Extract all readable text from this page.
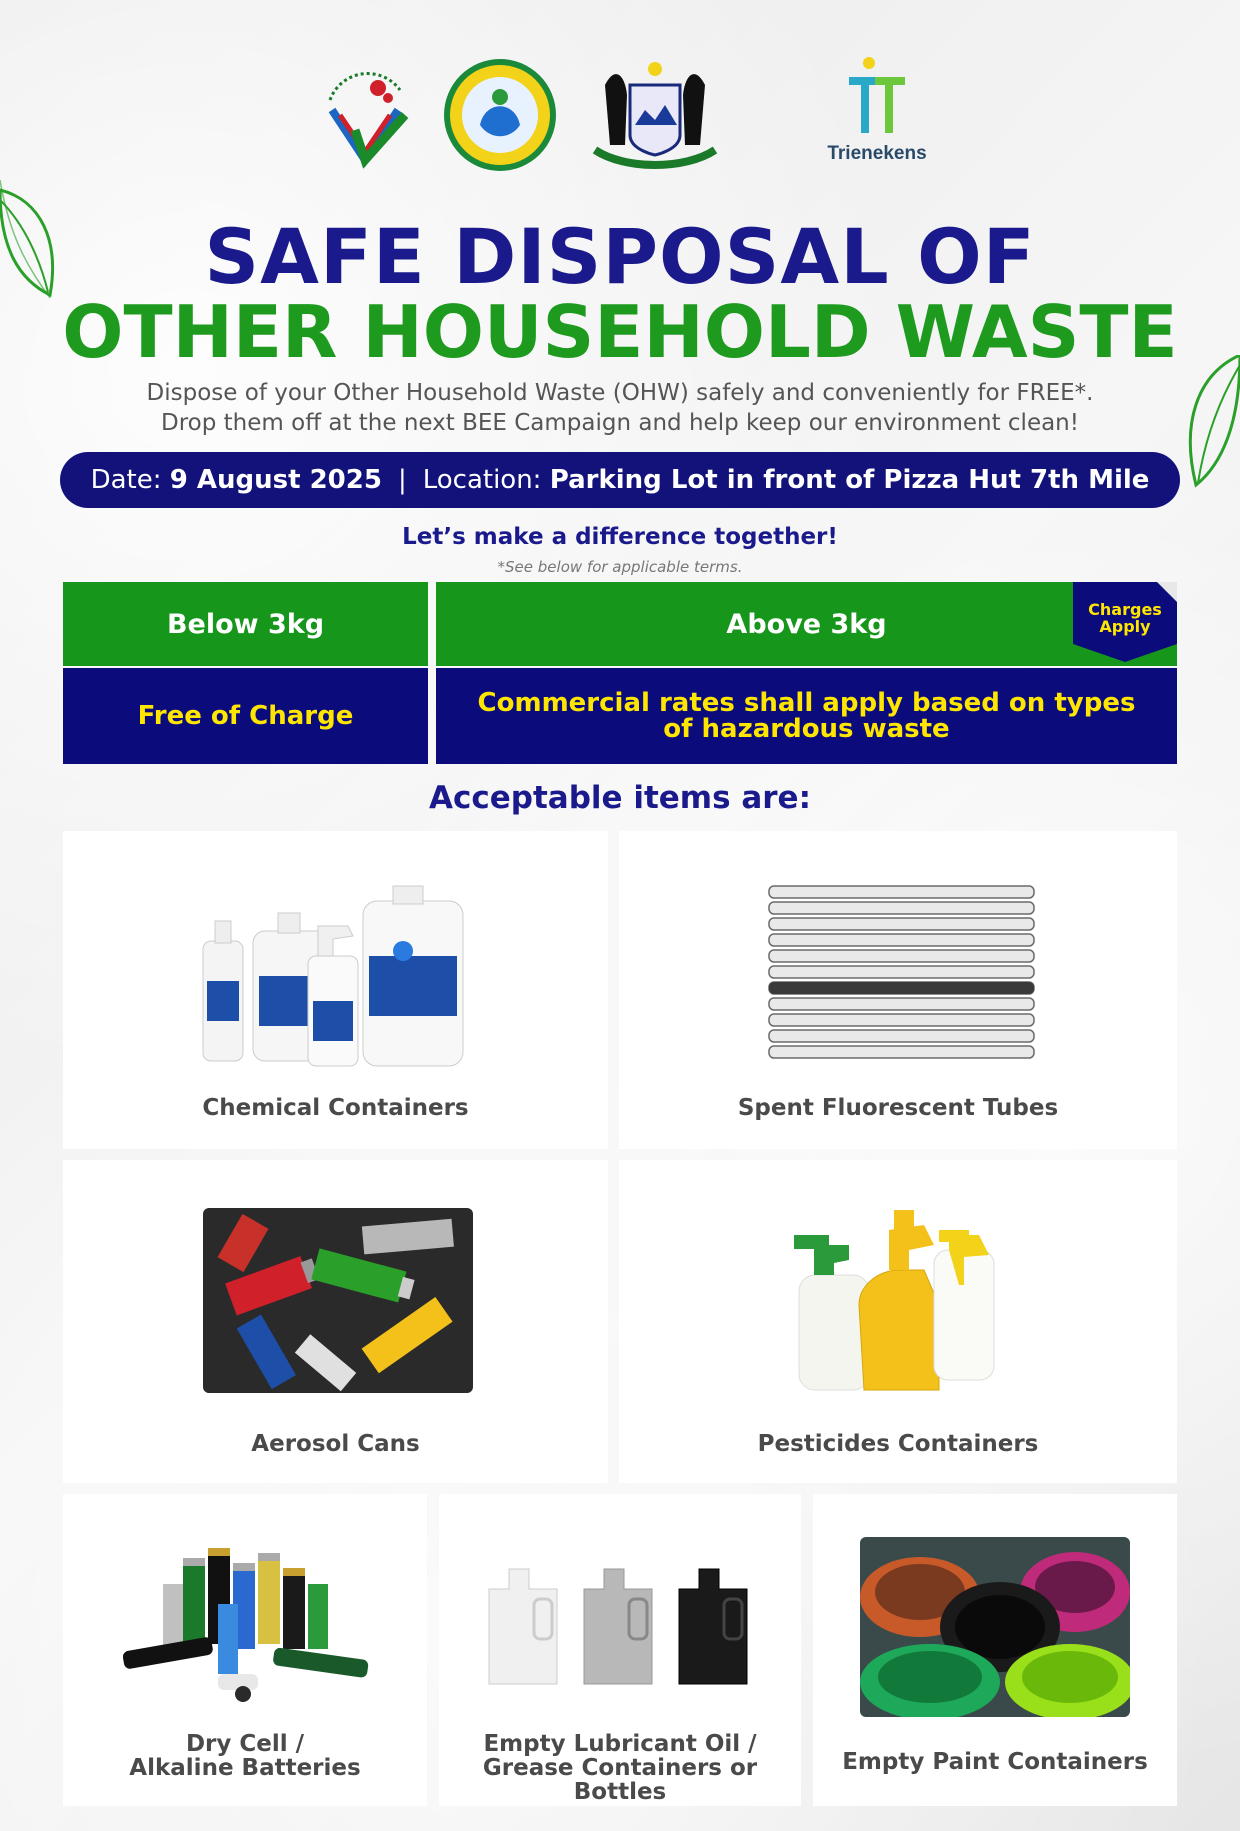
Trienekens
SAFE DISPOSAL OF
OTHER HOUSEHOLD WASTE
Dispose of your Other Household Waste (OHW) safely and conveniently for FREE*.
Drop them off at the next BEE Campaign and help keep our environment clean!
Date:
9 August 2025 | Location:
Parking Lot in front of Pizza Hut 7th Mile
Let’s make a difference together!
*See below for applicable terms.
Below 3kg	Above 3kg
Free of Charge	Commercial rates shall apply based on types
of hazardous waste
Charges
Apply
Acceptable items are:
Chemical Containers	Spent Fluorescent Tubes
Aerosol Cans	Pesticides Containers
Dry Cell /
Alkaline Batteries
Empty Lubricant Oil /
Grease Containers or Bottles
Empty Paint Containers
